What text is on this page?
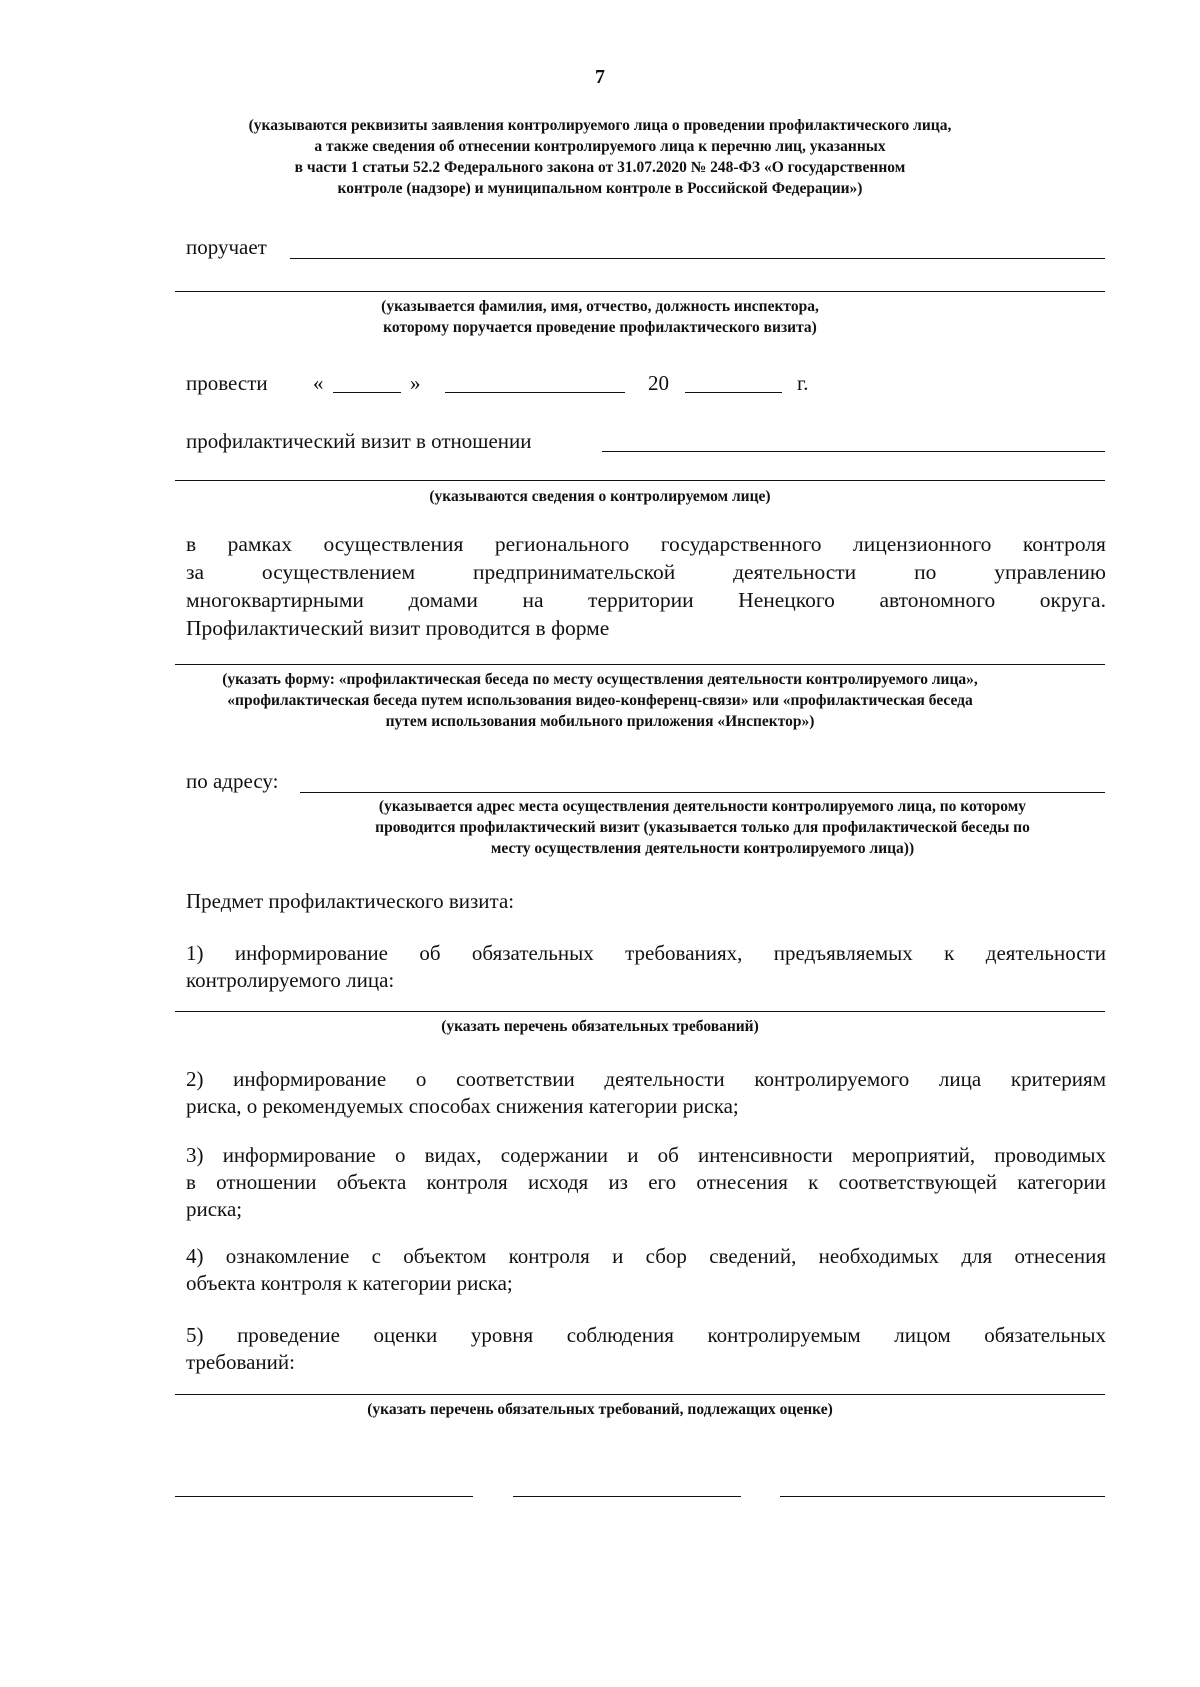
7
(указываются реквизиты заявления контролируемого лица о проведении профилактического лица,
а также сведения об отнесении контролируемого лица к перечню лиц, указанных
в части 1 статьи 52.2 Федерального закона от 31.07.2020 № 248-ФЗ «О государственном
контроле (надзоре) и муниципальном контроле в Российской Федерации»)
поручает
(указывается фамилия, имя, отчество, должность инспектора,
которому поручается проведение профилактического визита)
провести «	»	20	г.
профилактический визит в отношении
(указываются сведения о контролируемом лице)
в рамках осуществления регионального государственного лицензионного контроля
за	осуществлением	предпринимательской	деятельности	по	управлению
многоквартирными домами на территории Ненецкого автономного округа.
Профилактический визит проводится в форме
(указать форму: «профилактическая беседа по месту осуществления деятельности контролируемого лица»,
«профилактическая беседа путем использования видео-конференц-связи» или «профилактическая беседа
путем использования мобильного приложения «Инспектор»)
по адресу:
(указывается адрес места осуществления деятельности контролируемого лица, по которому
проводится профилактический визит (указывается только для профилактической беседы по
месту осуществления деятельности контролируемого лица))
Предмет профилактического визита:
1) информирование об обязательных требованиях, предъявляемых к деятельности
контролируемого лица:
(указать перечень обязательных требований)
2) информирование о соответствии деятельности контролируемого лица критериям
риска, о рекомендуемых способах снижения категории риска;
3) информирование о видах, содержании и об интенсивности мероприятий, проводимых
в отношении объекта контроля исходя из его отнесения к соответствующей категории
риска;
4) ознакомление с объектом контроля и сбор сведений, необходимых для отнесения
объекта контроля к категории риска;
5) проведение оценки уровня соблюдения контролируемым лицом обязательных
требований:
(указать перечень обязательных требований, подлежащих оценке)
